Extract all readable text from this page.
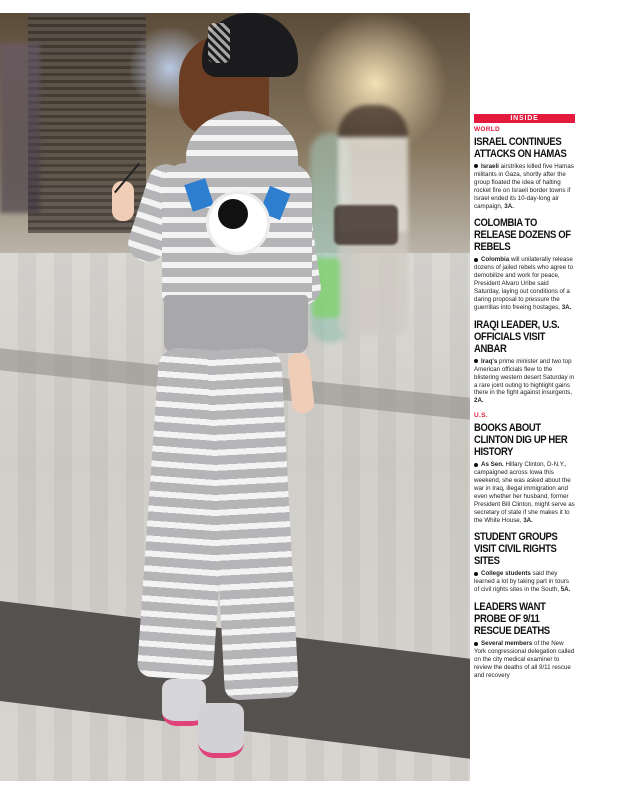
INSIDE
WORLD
ISRAEL CONTINUES ATTACKS ON HAMAS
Israeli airstrikes killed five Hamas militants in Gaza, shortly after the group floated the idea of halting rocket fire on Israeli border towns if Israel ended its 10-day-long air campaign, 3A.
COLOMBIA TO RELEASE DOZENS OF REBELS
Colombia will unilaterally release dozens of jailed rebels who agree to demobilize and work for peace, President Alvaro Uribe said Saturday, laying out conditions of a daring proposal to pressure the guerrillas into freeing hostages, 3A.
IRAQI LEADER, U.S. OFFICIALS VISIT ANBAR
Iraq's prime minister and two top American officials flew to the blistering western desert Saturday in a rare joint outing to highlight gains there in the fight against insurgents, 2A.
U.S.
BOOKS ABOUT CLINTON DIG UP HER HISTORY
As Sen. Hillary Clinton, D-N.Y., campaigned across Iowa this weekend, she was asked about the war in Iraq, illegal immigration and even whether her husband, former President Bill Clinton, might serve as secretary of state if she makes it to the White House, 3A.
STUDENT GROUPS VISIT CIVIL RIGHTS SITES
College students said they learned a lot by taking part in tours of civil rights sites in the South, 5A.
LEADERS WANT PROBE OF 9/11 RESCUE DEATHS
Several members of the New York congressional delegation called on the city medical examiner to review the deaths of all 9/11 rescue and recovery
